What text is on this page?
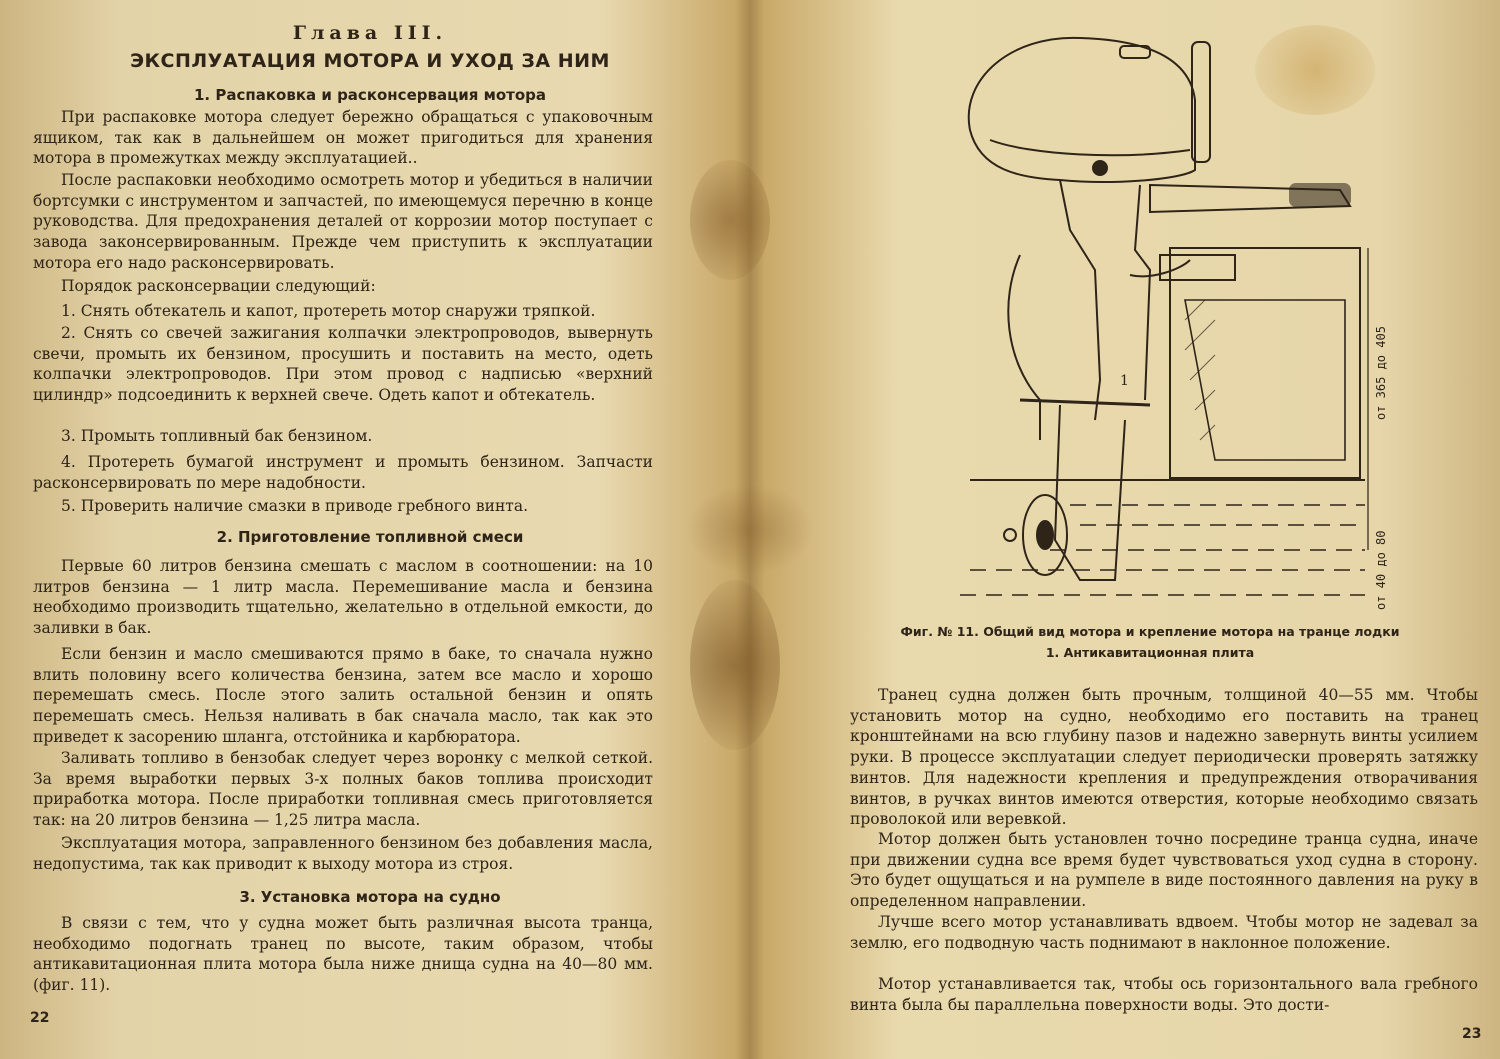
Глава III.
ЭКСПЛУАТАЦИЯ МОТОРА И УХОД ЗА НИМ
1. Распаковка и расконсервация мотора

При распаковке мотора следует бережно обращаться с упаковочным ящиком, так как в дальнейшем он может пригодиться для хранения мотора в промежутках между эксплуатацией..

После распаковки необходимо осмотреть мотор и убедиться в наличии бортсумки с инструментом и запчастей, по имеющемуся перечню в конце руководства. Для предохранения деталей от коррозии мотор поступает с завода законсервированным. Прежде чем приступить к эксплуатации мотора его надо расконсервировать.

Порядок расконсервации следующий:

1. Снять обтекатель и капот, протереть мотор снаружи тряпкой.

2. Снять со свечей зажигания колпачки электропроводов, вывернуть свечи, промыть их бензином, просушить и поставить на место, одеть колпачки электропроводов. При этом провод с надписью «верхний цилиндр» подсоединить к верхней свече. Одеть капот и обтекатель.

3. Промыть топливный бак бензином.

4. Протереть бумагой инструмент и промыть бензином. Запчасти расконсервировать по мере надобности.

5. Проверить наличие смазки в приводе гребного винта.

2. Приготовление топливной смеси

Первые 60 литров бензина смешать с маслом в соотношении: на 10 литров бензина — 1 литр масла. Перемешивание масла и бензина необходимо производить тщательно, желательно в отдельной емкости, до заливки в бак.

Если бензин и масло смешиваются прямо в баке, то сначала нужно влить половину всего количества бензина, затем все масло и хорошо перемешать смесь. После этого залить остальной бензин и опять перемешать смесь. Нельзя наливать в бак сначала масло, так как это приведет к засорению шланга, отстойника и карбюратора.

Заливать топливо в бензобак следует через воронку с мелкой сеткой. За время выработки первых 3-х полных баков топлива происходит приработка мотора. После приработки топливная смесь приготовляется так: на 20 литров бензина — 1,25 литра масла.

Эксплуатация мотора, заправленного бензином без добавления масла, недопустима, так как приводит к выходу мотора из строя.

3. Установка мотора на судно

В связи с тем, что у судна может быть различная высота транца, необходимо подогнать транец по высоте, таким образом, чтобы антикавитационная плита мотора была ниже днища судна на 40—80 мм. (фиг. 11).

22
1	от 365 до 405
от 40 до 80
Фиг. № 11. Общий вид мотора и крепление мотора на транце лодки
1. Антикавитационная плита

Транец судна должен быть прочным, толщиной 40—55 мм. Чтобы установить мотор на судно, необходимо его поставить на транец кронштейнами на всю глубину пазов и надежно завернуть винты усилием руки. В процессе эксплуатации следует периодически проверять затяжку винтов. Для надежности крепления и предупреждения отворачивания винтов, в ручках винтов имеются отверстия, которые необходимо связать проволокой или веревкой.

Мотор должен быть установлен точно посредине транца судна, иначе при движении судна все время будет чувствоваться уход судна в сторону. Это будет ощущаться и на румпеле в виде постоянного давления на руку в определенном направлении.

Лучше всего мотор устанавливать вдвоем. Чтобы мотор не задевал за землю, его подводную часть поднимают в наклонное положение.

Мотор устанавливается так, чтобы ось горизонтального вала гребного винта была бы параллельна поверхности воды. Это дости-

23
